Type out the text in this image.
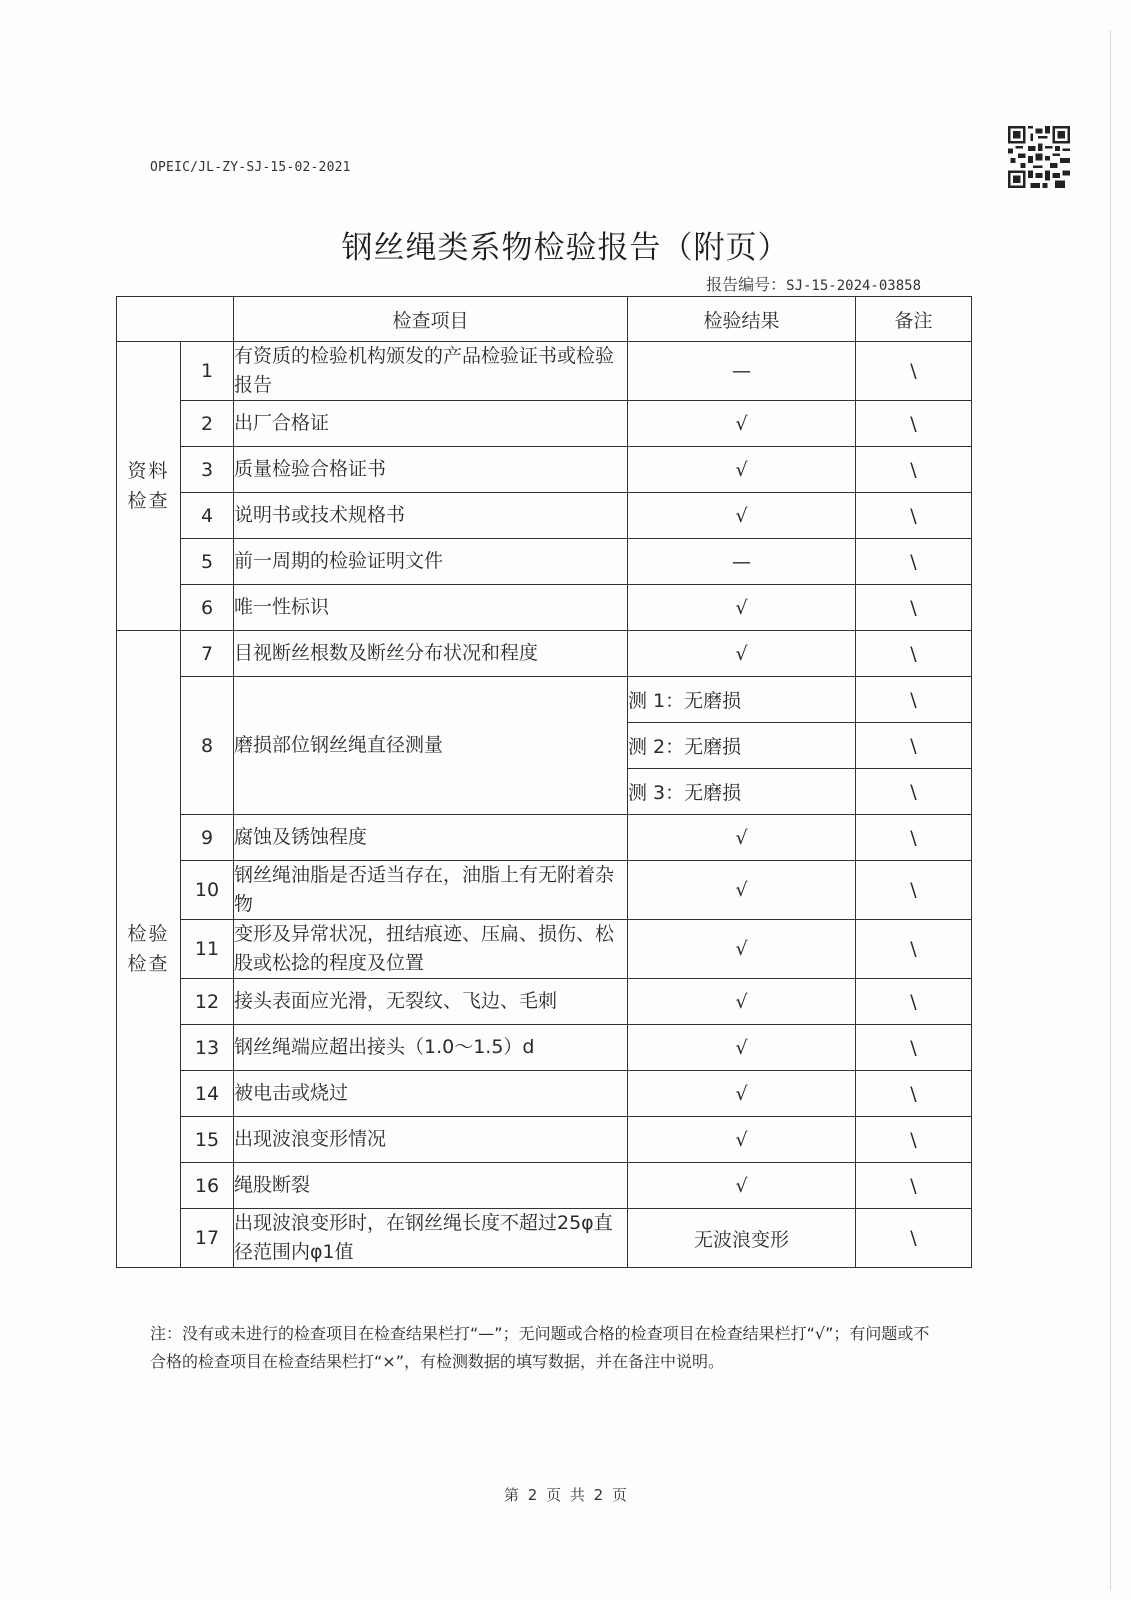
OPEIC/JL-ZY-SJ-15-02-2021
钢丝绳类系物检验报告（附页）
报告编号：SJ-15-2024-03858
		检查项目	检验结果	备注

资料检查	1	有资质的检验机构颁发的产品检验证书或检验报告	—	\
	2	出厂合格证	√	\
	3	质量检验合格证书	√	\
	4	说明书或技术规格书	√	\
	5	前一周期的检验证明文件	—	\
	6	唯一性标识	√	\

检验检查	7	目视断丝根数及断丝分布状况和程度	√	\
	8	磨损部位钢丝绳直径测量	测 1：无磨损	\
			测 2：无磨损	\
			测 3：无磨损	\
	9	腐蚀及锈蚀程度	√	\
	10	钢丝绳油脂是否适当存在，油脂上有无附着杂物	√	\
	11	变形及异常状况，扭结痕迹、压扁、损伤、松股或松捻的程度及位置	√	\
	12	接头表面应光滑，无裂纹、飞边、毛刺	√	\
	13	钢丝绳端应超出接头（1.0～1.5）d	√	\
	14	被电击或烧过	√	\
	15	出现波浪变形情况	√	\
	16	绳股断裂	√	\
	17	出现波浪变形时，在钢丝绳长度不超过25φ直径范围内φ1值	无波浪变形	\
注：没有或未进行的检查项目在检查结果栏打“—”；无问题或合格的检查项目在检查结果栏打“√”；有问题或不合格的检查项目在检查结果栏打“×”，有检测数据的填写数据，并在备注中说明。
第 2 页 共 2 页
